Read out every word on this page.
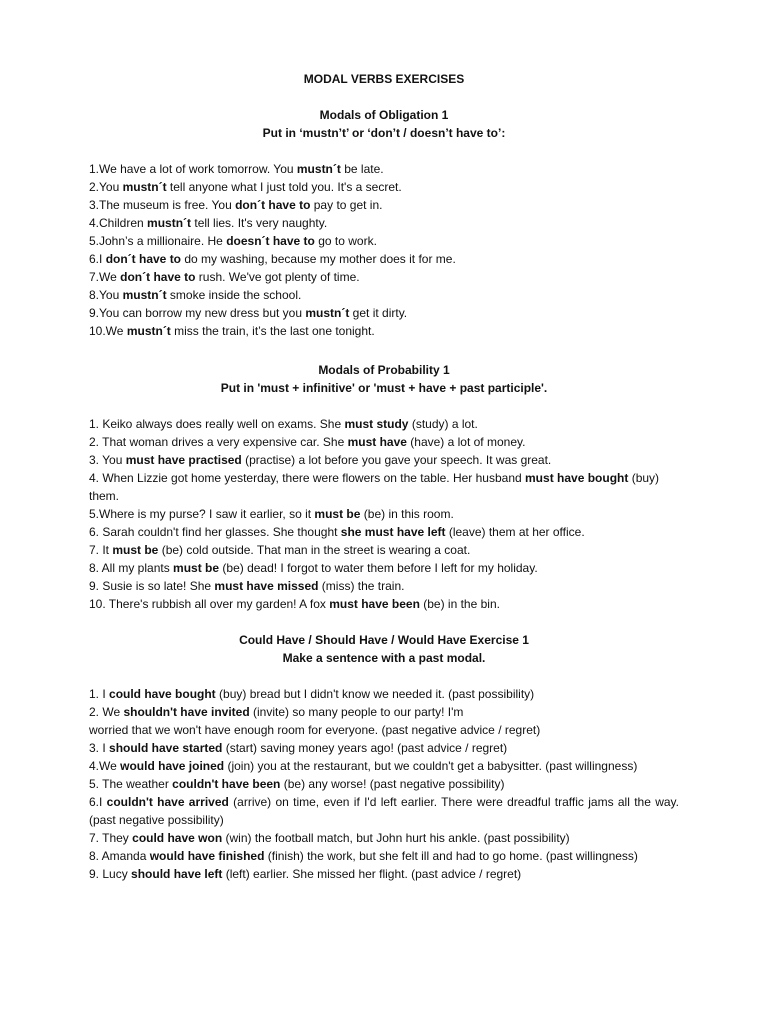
MODAL VERBS EXERCISES
Modals of Obligation 1
Put in ‘mustn’t’ or ‘don’t / doesn’t have to’:
1.We have a lot of work tomorrow. You mustn´t be late.
2.You mustn´t tell anyone what I just told you. It's a secret.
3.The museum is free. You don´t have to pay to get in.
4.Children mustn´t tell lies. It's very naughty.
5.John’s a millionaire. He doesn´t have to go to work.
6.I don´t have to do my washing, because my mother does it for me.
7.We don´t have to rush. We've got plenty of time.
8.You mustn´t smoke inside the school.
9.You can borrow my new dress but you mustn´t get it dirty.
10.We mustn´t miss the train, it’s the last one tonight.
Modals of Probability 1
Put in 'must + infinitive' or 'must + have + past participle'.
1. Keiko always does really well on exams. She must study (study) a lot.
2. That woman drives a very expensive car. She must have (have) a lot of money.
3. You must have practised (practise) a lot before you gave your speech. It was great.
4. When Lizzie got home yesterday, there were flowers on the table. Her husband must have bought (buy) them.
5.Where is my purse? I saw it earlier, so it must be (be) in this room.
6. Sarah couldn't find her glasses. She thought she must have left (leave) them at her office.
7. It must be (be) cold outside. That man in the street is wearing a coat.
8. All my plants must be (be) dead! I forgot to water them before I left for my holiday.
9. Susie is so late! She must have missed (miss) the train.
10. There's rubbish all over my garden! A fox must have been (be) in the bin.
Could Have / Should Have / Would Have Exercise 1
Make a sentence with a past modal.
1. I could have bought (buy) bread but I didn't know we needed it. (past possibility)
2. We shouldn't have invited (invite) so many people to our party! I'm
worried that we won't have enough room for everyone. (past negative advice / regret)
3. I should have started (start) saving money years ago! (past advice / regret)
4.We would have joined (join) you at the restaurant, but we couldn't get a babysitter. (past willingness)
5. The weather couldn't have been (be) any worse! (past negative possibility)
6.I couldn't have arrived (arrive) on time, even if I'd left earlier. There were dreadful traffic jams all the way. (past negative possibility)
7. They could have won (win) the football match, but John hurt his ankle. (past possibility)
8. Amanda would have finished (finish) the work, but she felt ill and had to go home. (past willingness)
9. Lucy should have left (left) earlier. She missed her flight. (past advice / regret)
